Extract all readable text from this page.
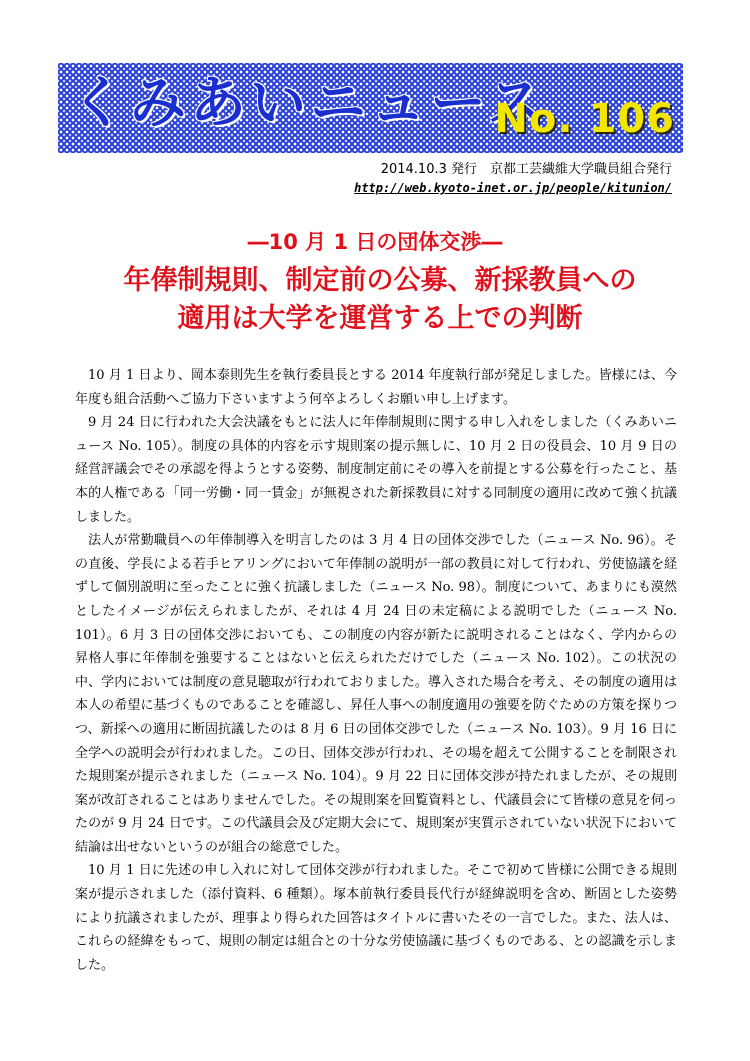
くみあいニュース
No. 106
2014.10.3 発行　京都工芸繊維大学職員組合発行
http://web.kyoto-inet.or.jp/people/kitunion/
―10 月 1 日の団体交渉―
年俸制規則、制定前の公募、新採教員への
適用は大学を運営する上での判断

10 月 1 日より、岡本泰則先生を執行委員長とする 2014 年度執行部が発足しました。皆様には、今年度も組合活動へご協力下さいますよう何卒よろしくお願い申し上げます。

9 月 24 日に行われた大会決議をもとに法人に年俸制規則に関する申し入れをしました（くみあいニュース No. 105）。制度の具体的内容を示す規則案の提示無しに、10 月 2 日の役員会、10 月 9 日の経営評議会でその承認を得ようとする姿勢、制度制定前にその導入を前提とする公募を行ったこと、基本的人権である「同一労働・同一賃金」が無視された新採教員に対する同制度の適用に改めて強く抗議しました。

法人が常勤職員への年俸制導入を明言したのは 3 月 4 日の団体交渉でした（ニュース No. 96）。その直後、学長による若手ヒアリングにおいて年俸制の説明が一部の教員に対して行われ、労使協議を経ずして個別説明に至ったことに強く抗議しました（ニュース No. 98）。制度について、あまりにも漠然としたイメージが伝えられましたが、それは 4 月 24 日の未定稿による説明でした（ニュース No. 101）。6 月 3 日の団体交渉においても、この制度の内容が新たに説明されることはなく、学内からの昇格人事に年俸制を強要することはないと伝えられただけでした（ニュース No. 102）。この状況の中、学内においては制度の意見聴取が行われておりました。導入された場合を考え、その制度の適用は本人の希望に基づくものであることを確認し、昇任人事への制度適用の強要を防ぐための方策を探りつつ、新採への適用に断固抗議したのは 8 月 6 日の団体交渉でした（ニュース No. 103）。9 月 16 日に全学への説明会が行われました。この日、団体交渉が行われ、その場を超えて公開することを制限された規則案が提示されました（ニュース No. 104）。9 月 22 日に団体交渉が持たれましたが、その規則案が改訂されることはありませんでした。その規則案を回覧資料とし、代議員会にて皆様の意見を伺ったのが 9 月 24 日です。この代議員会及び定期大会にて、規則案が実質示されていない状況下において結論は出せないというのが組合の総意でした。

10 月 1 日に先述の申し入れに対して団体交渉が行われました。そこで初めて皆様に公開できる規則案が提示されました（添付資料、6 種類）。塚本前執行委員長代行が経緯説明を含め、断固とした姿勢により抗議されましたが、理事より得られた回答はタイトルに書いたその一言でした。また、法人は、これらの経緯をもって、規則の制定は組合との十分な労使協議に基づくものである、との認識を示しました。
